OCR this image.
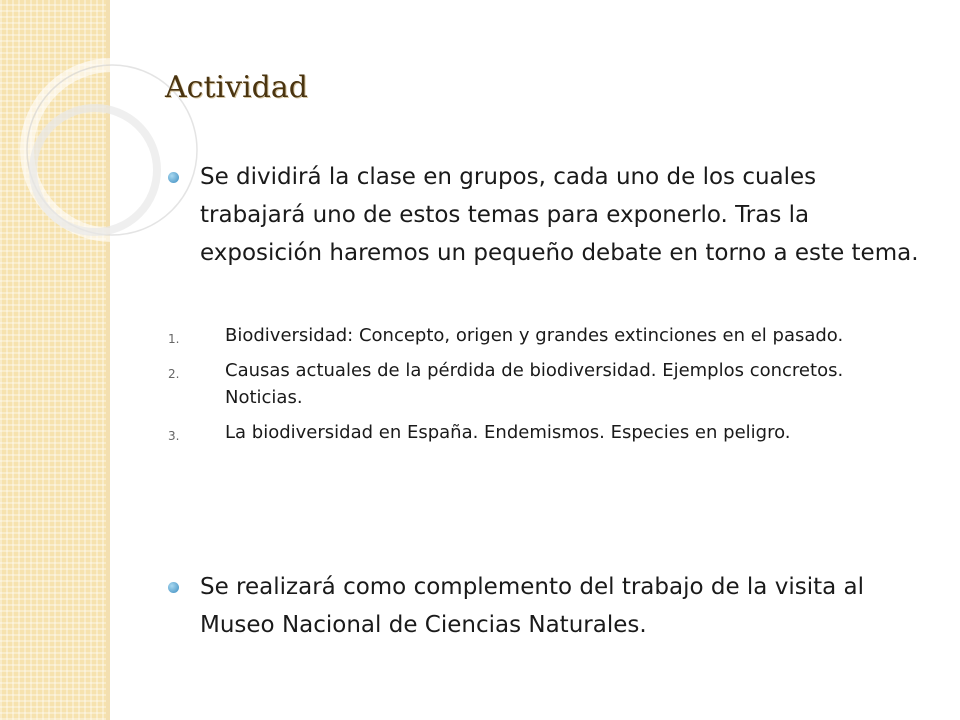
Actividad
Se dividirá la clase en grupos, cada uno de los cuales trabajará uno de estos temas para exponerlo. Tras la exposición haremos un pequeño debate en torno a este tema.
1.	Biodiversidad: Concepto, origen y grandes extinciones en el pasado.
2.	Causas actuales de la pérdida de biodiversidad. Ejemplos concretos. Noticias.
3.	La biodiversidad en España. Endemismos. Especies en peligro.
Se realizará como complemento del trabajo de la visita al Museo Nacional de Ciencias Naturales.
